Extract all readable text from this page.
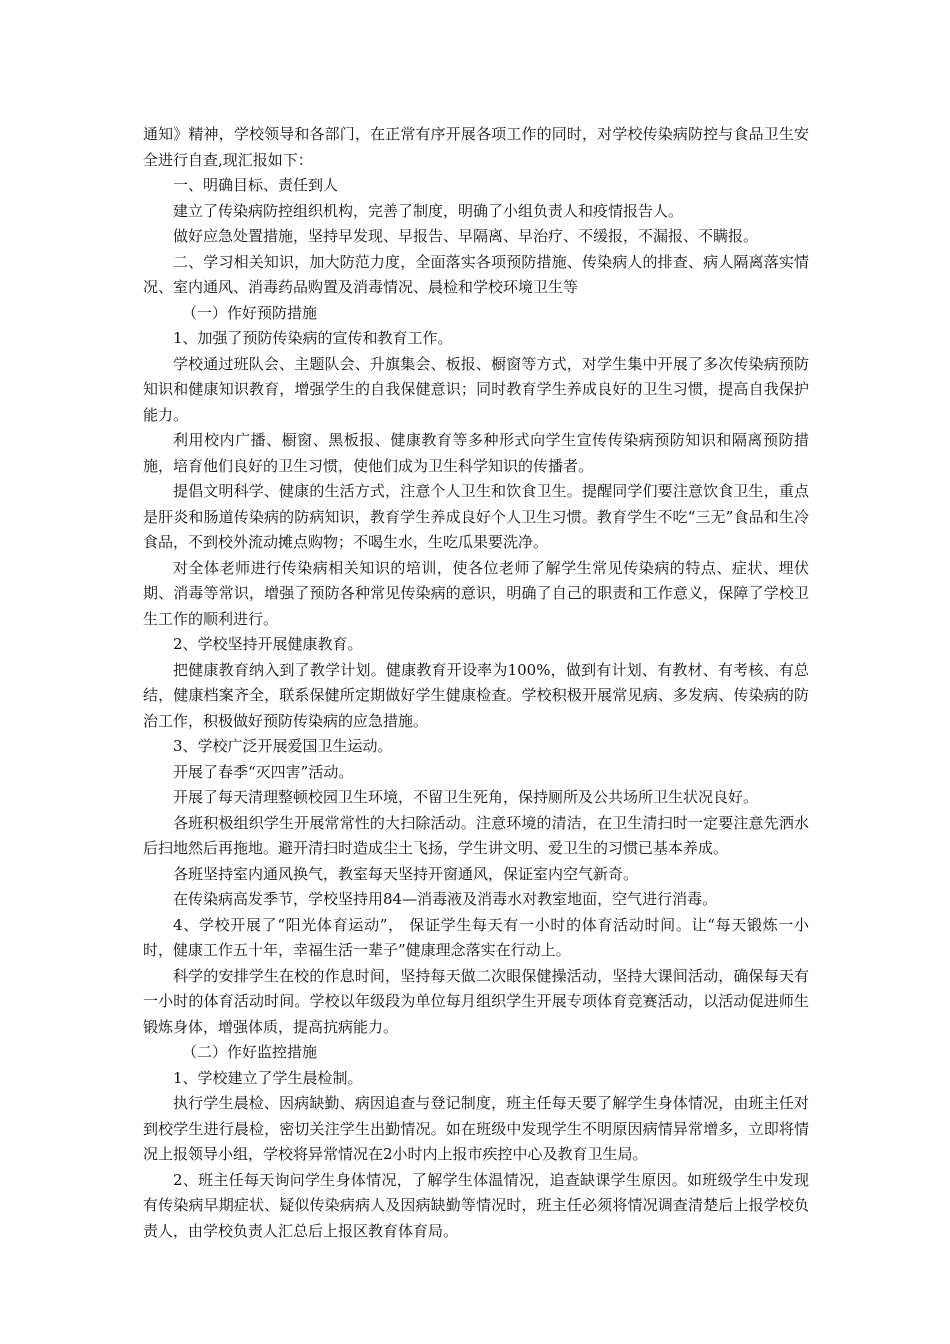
通知》精神，学校领导和各部门，在正常有序开展各项工作的同时，对学校传染病防控与食品卫生安全进行自查,现汇报如下：

一、明确目标、责任到人

建立了传染病防控组织机构，完善了制度，明确了小组负责人和疫情报告人。

做好应急处置措施，坚持早发现、早报告、早隔离、早治疗、不缓报，不漏报、不瞒报。

二、学习相关知识，加大防范力度，全面落实各项预防措施、传染病人的排查、病人隔离落实情况、室内通风、消毒药品购置及消毒情况、晨检和学校环境卫生等

（一）作好预防措施

1、加强了预防传染病的宣传和教育工作。

学校通过班队会、主题队会、升旗集会、板报、橱窗等方式，对学生集中开展了多次传染病预防知识和健康知识教育，增强学生的自我保健意识；同时教育学生养成良好的卫生习惯，提高自我保护能力。

利用校内广播、橱窗、黑板报、健康教育等多种形式向学生宣传传染病预防知识和隔离预防措施，培育他们良好的卫生习惯，使他们成为卫生科学知识的传播者。

提倡文明科学、健康的生活方式，注意个人卫生和饮食卫生。提醒同学们要注意饮食卫生，重点是肝炎和肠道传染病的防病知识，教育学生养成良好个人卫生习惯。教育学生不吃“三无”食品和生冷食品，不到校外流动摊点购物；不喝生水，生吃瓜果要洗净。

对全体老师进行传染病相关知识的培训，使各位老师了解学生常见传染病的特点、症状、埋伏期、消毒等常识，增强了预防各种常见传染病的意识，明确了自己的职责和工作意义，保障了学校卫生工作的顺利进行。

2、学校坚持开展健康教育。

把健康教育纳入到了教学计划。健康教育开设率为100%，做到有计划、有教材、有考核、有总结，健康档案齐全，联系保健所定期做好学生健康检查。学校积极开展常见病、多发病、传染病的防治工作，积极做好预防传染病的应急措施。

3、学校广泛开展爱国卫生运动。

开展了春季“灭四害”活动。

开展了每天清理整顿校园卫生环境，不留卫生死角，保持厕所及公共场所卫生状况良好。

各班积极组织学生开展常常性的大扫除活动。注意环境的清洁，在卫生清扫时一定要注意先洒水后扫地然后再拖地。避开清扫时造成尘土飞扬，学生讲文明、爱卫生的习惯已基本养成。

各班坚持室内通风换气，教室每天坚持开窗通风，保证室内空气新奇。

在传染病高发季节，学校坚持用84—消毒液及消毒水对教室地面，空气进行消毒。

4、学校开展了“阳光体育运动”， 保证学生每天有一小时的体育活动时间。让“每天锻炼一小时，健康工作五十年，幸福生活一辈子”健康理念落实在行动上。

科学的安排学生在校的作息时间，坚持每天做二次眼保健操活动，坚持大课间活动，确保每天有一小时的体育活动时间。学校以年级段为单位每月组织学生开展专项体育竞赛活动，以活动促进师生锻炼身体，增强体质，提高抗病能力。

（二）作好监控措施

1、学校建立了学生晨检制。

执行学生晨检、因病缺勤、病因追查与登记制度，班主任每天要了解学生身体情况，由班主任对到校学生进行晨检，密切关注学生出勤情况。如在班级中发现学生不明原因病情异常增多，立即将情况上报领导小组，学校将异常情况在2小时内上报市疾控中心及教育卫生局。

2、班主任每天询问学生身体情况，了解学生体温情况，追查缺课学生原因。如班级学生中发现有传染病早期症状、疑似传染病病人及因病缺勤等情况时，班主任必须将情况调查清楚后上报学校负责人，由学校负责人汇总后上报区教育体育局。
